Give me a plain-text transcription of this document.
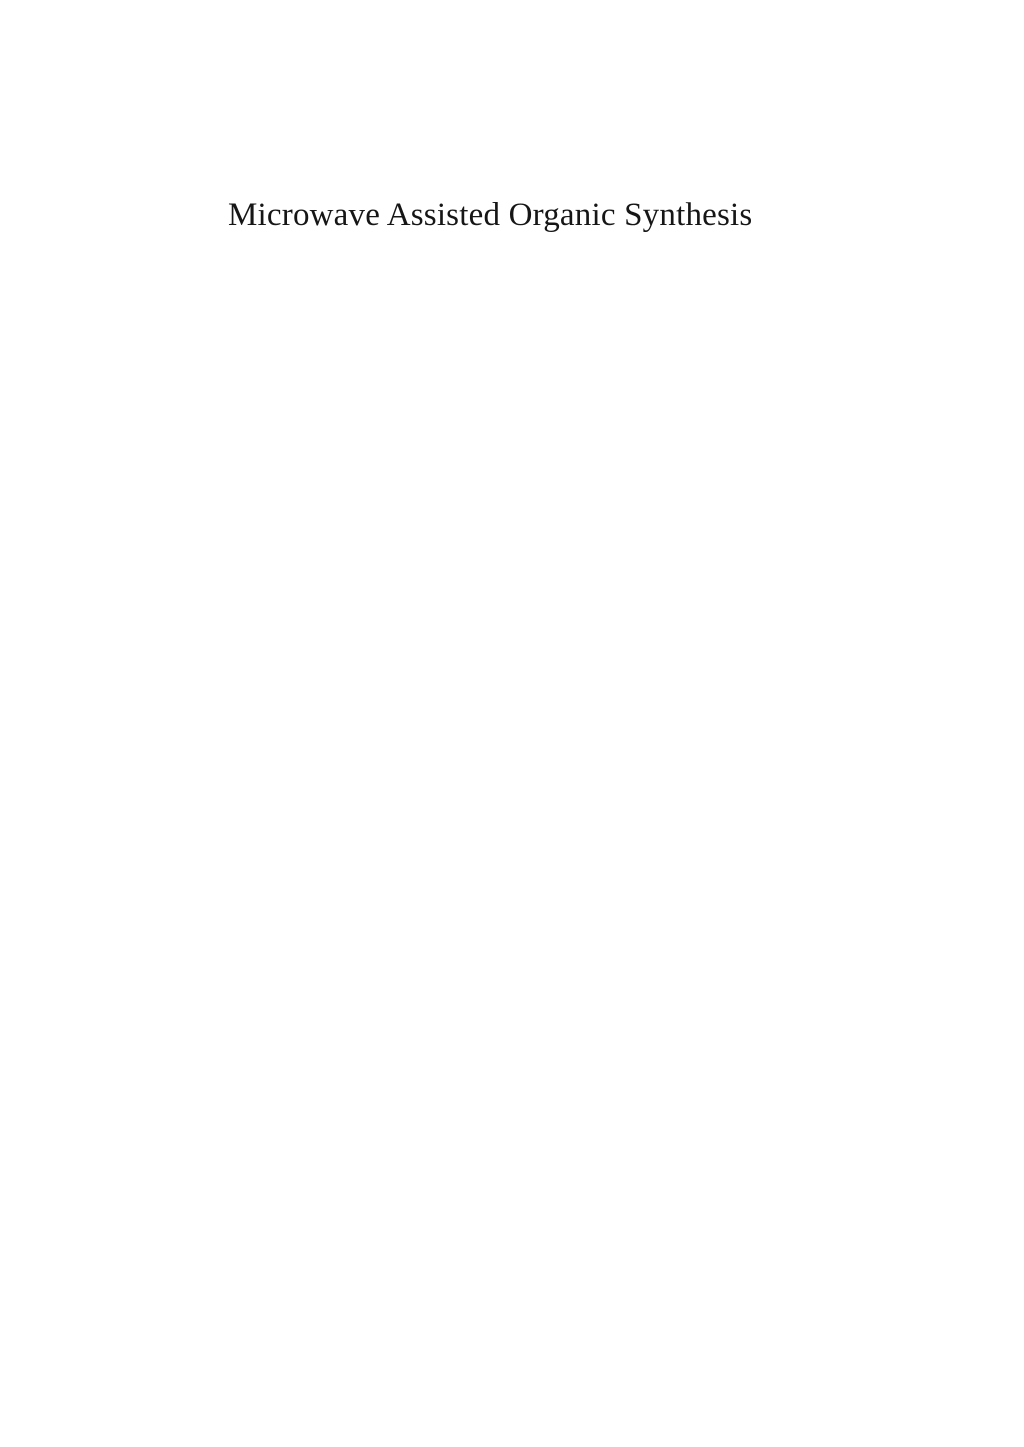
Microwave Assisted Organic Synthesis
